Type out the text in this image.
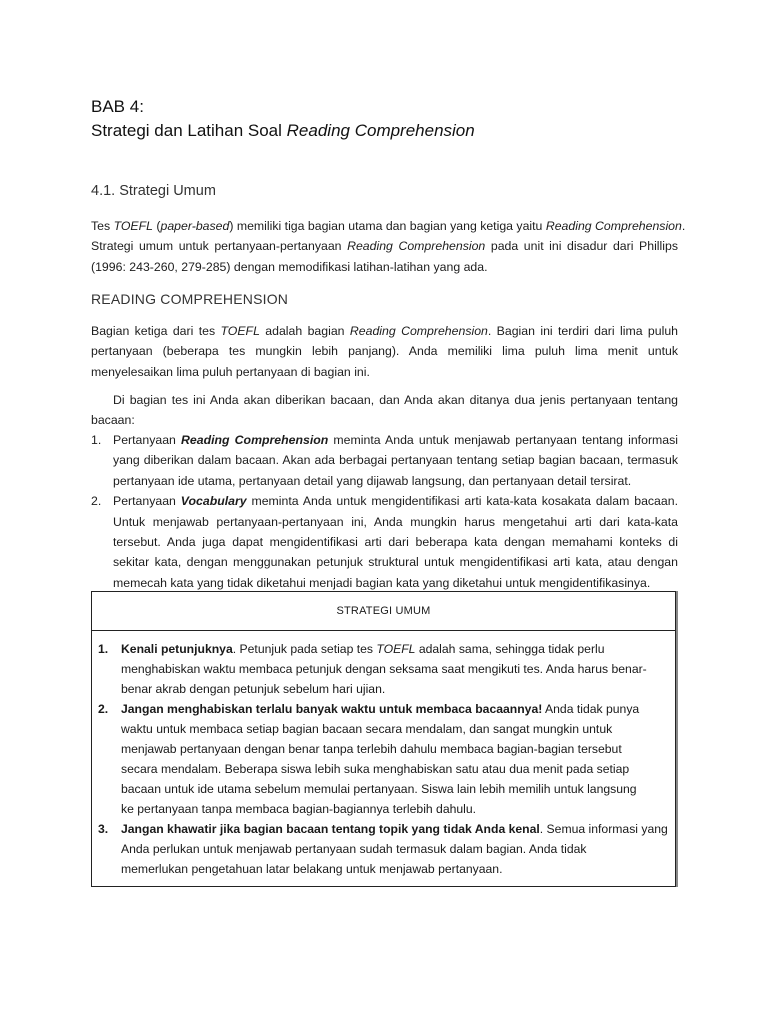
BAB 4:
Strategi dan Latihan Soal Reading Comprehension
4.1. Strategi Umum
Tes TOEFL (paper-based) memiliki tiga bagian utama dan bagian yang ketiga yaitu Reading Comprehension.
Strategi umum untuk pertanyaan-pertanyaan Reading Comprehension pada unit ini disadur dari Phillips
(1996: 243-260, 279-285) dengan memodifikasi latihan-latihan yang ada.
READING COMPREHENSION
Bagian ketiga dari tes TOEFL adalah bagian Reading Comprehension. Bagian ini terdiri dari lima puluh
pertanyaan (beberapa tes mungkin lebih panjang). Anda memiliki lima puluh lima menit untuk
menyelesaikan lima puluh pertanyaan di bagian ini.
Di bagian tes ini Anda akan diberikan bacaan, dan Anda akan ditanya dua jenis pertanyaan tentang
bacaan:
1. Pertanyaan Reading Comprehension meminta Anda untuk menjawab pertanyaan tentang informasi
yang diberikan dalam bacaan. Akan ada berbagai pertanyaan tentang setiap bagian bacaan, termasuk
pertanyaan ide utama, pertanyaan detail yang dijawab langsung, dan pertanyaan detail tersirat.
2. Pertanyaan Vocabulary meminta Anda untuk mengidentifikasi arti kata-kata kosakata dalam bacaan.
Untuk menjawab pertanyaan-pertanyaan ini, Anda mungkin harus mengetahui arti dari kata-kata
tersebut. Anda juga dapat mengidentifikasi arti dari beberapa kata dengan memahami konteks di
sekitar kata, dengan menggunakan petunjuk struktural untuk mengidentifikasi arti kata, atau dengan
memecah kata yang tidak diketahui menjadi bagian kata yang diketahui untuk mengidentifikasinya.
STRATEGI UMUM
1. Kenali petunjuknya. Petunjuk pada setiap tes TOEFL adalah sama, sehingga tidak perlu
menghabiskan waktu membaca petunjuk dengan seksama saat mengikuti tes. Anda harus benar-
benar akrab dengan petunjuk sebelum hari ujian.
2. Jangan menghabiskan terlalu banyak waktu untuk membaca bacaannya! Anda tidak punya
waktu untuk membaca setiap bagian bacaan secara mendalam, dan sangat mungkin untuk
menjawab pertanyaan dengan benar tanpa terlebih dahulu membaca bagian-bagian tersebut
secara mendalam. Beberapa siswa lebih suka menghabiskan satu atau dua menit pada setiap
bacaan untuk ide utama sebelum memulai pertanyaan. Siswa lain lebih memilih untuk langsung
ke pertanyaan tanpa membaca bagian-bagiannya terlebih dahulu.
3. Jangan khawatir jika bagian bacaan tentang topik yang tidak Anda kenal. Semua informasi yang
Anda perlukan untuk menjawab pertanyaan sudah termasuk dalam bagian. Anda tidak
memerlukan pengetahuan latar belakang untuk menjawab pertanyaan.
